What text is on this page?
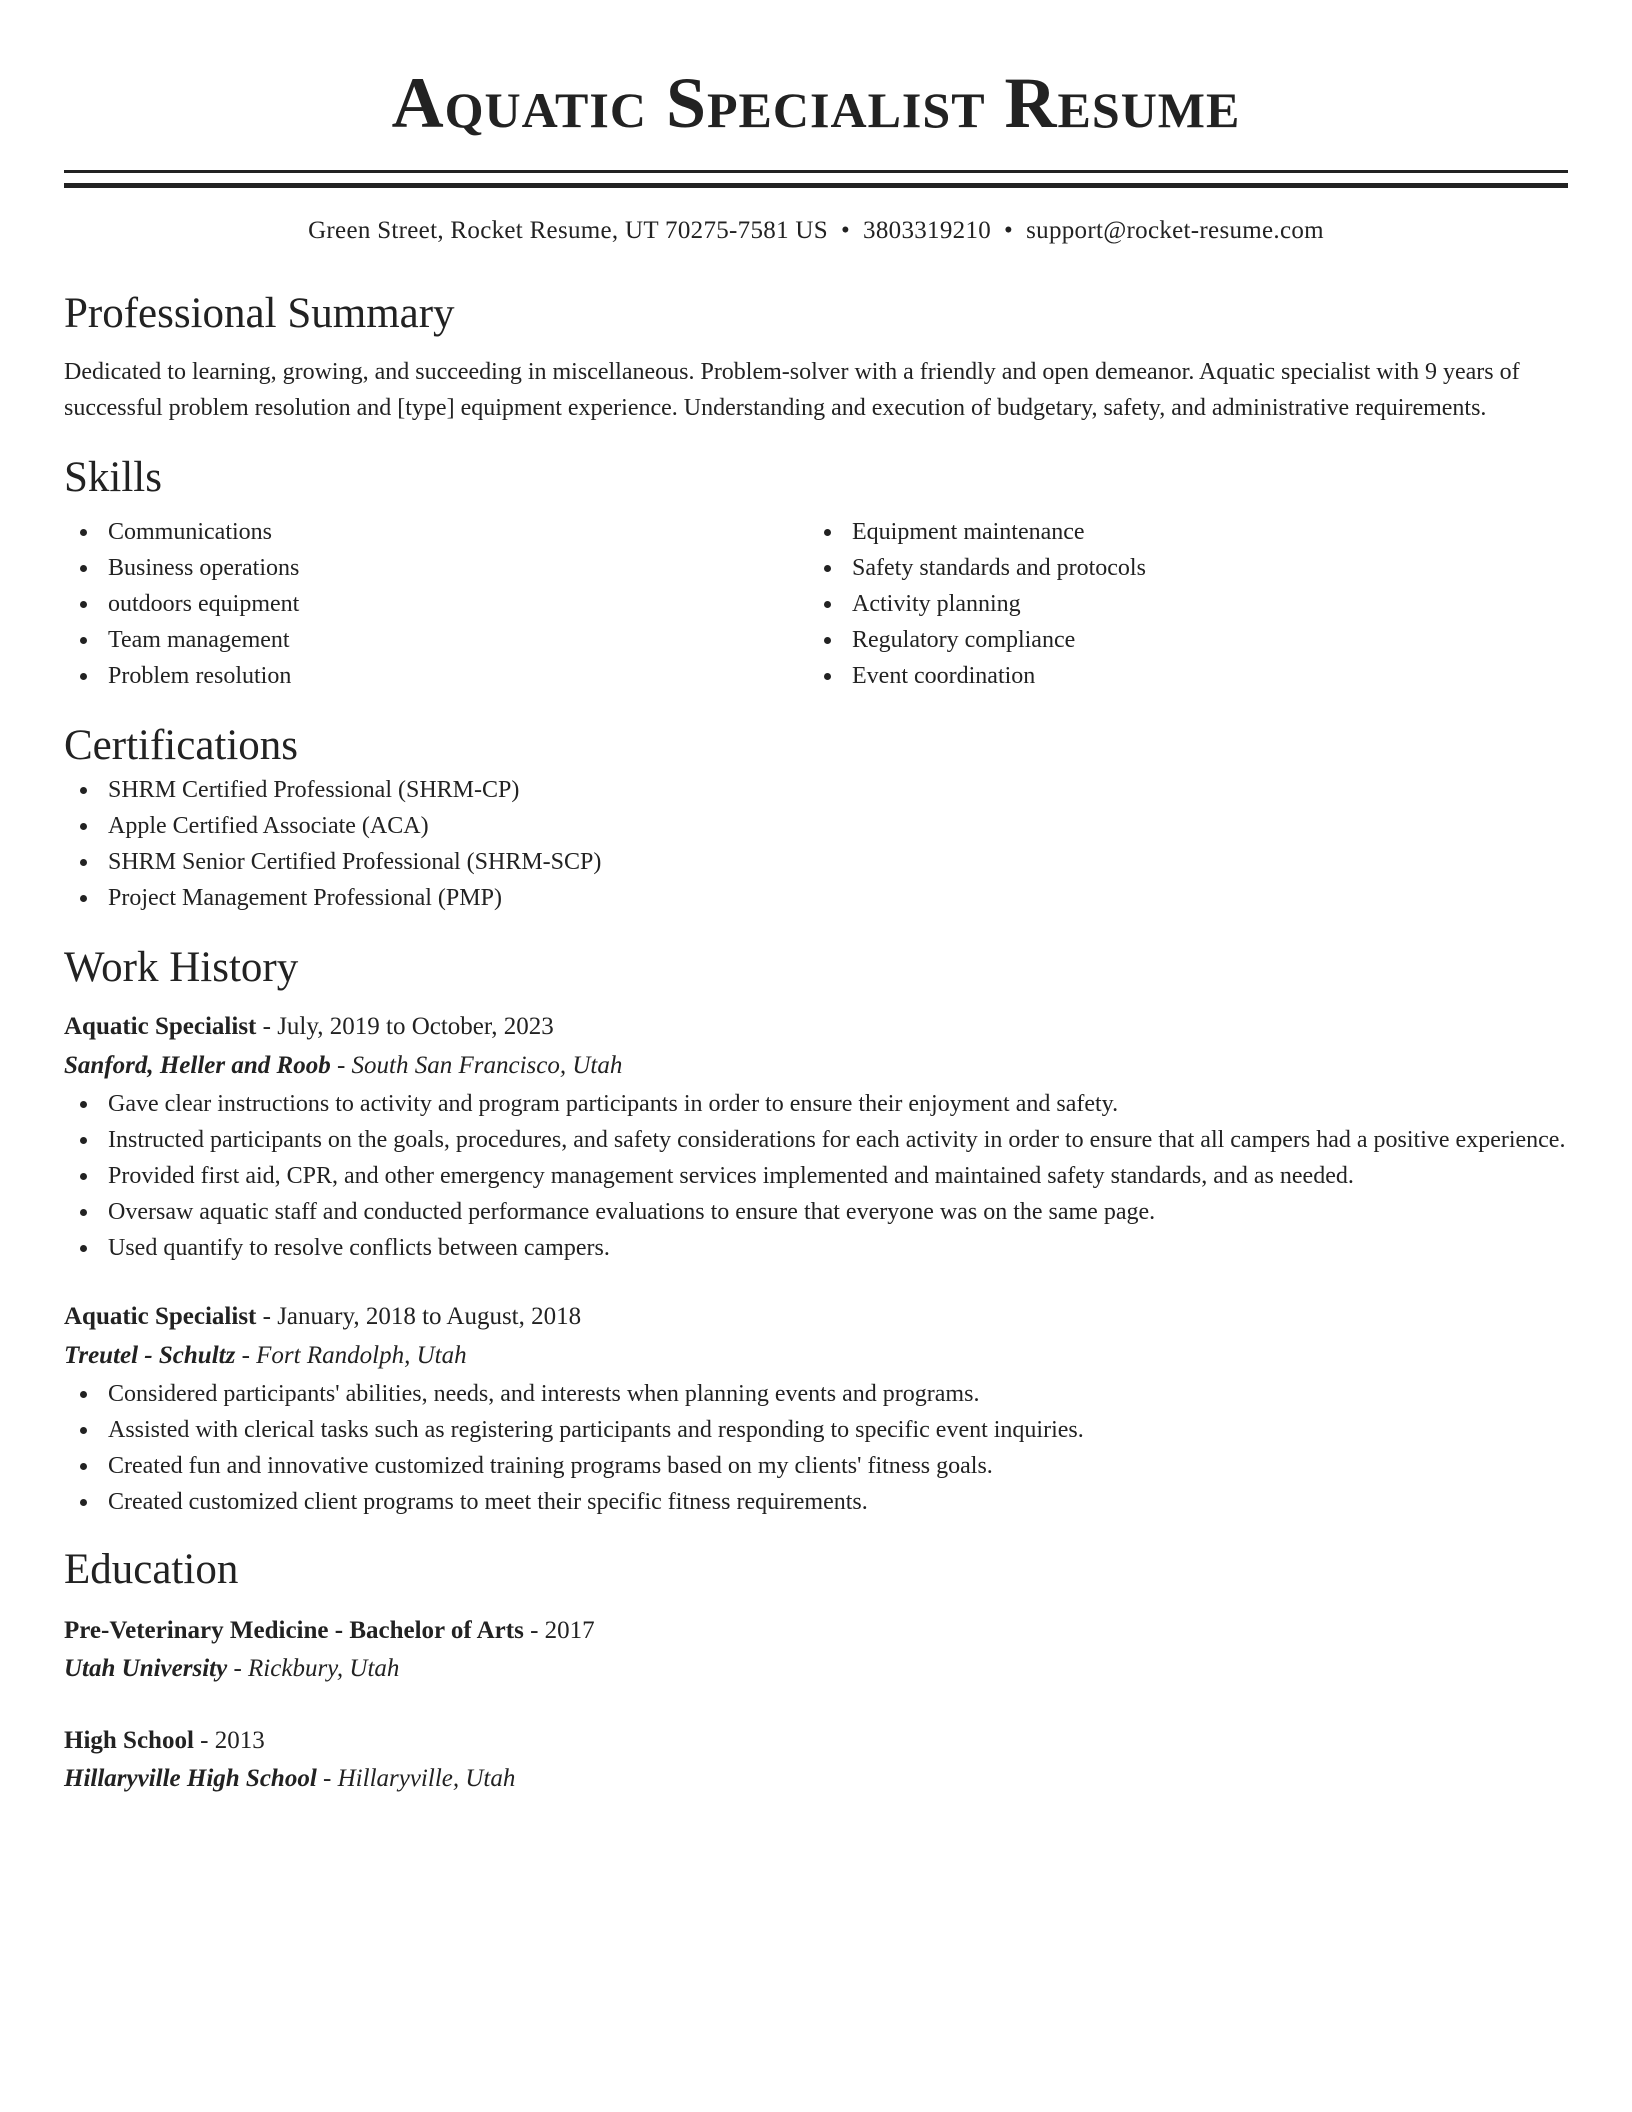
Aquatic Specialist Resume
Green Street, Rocket Resume, UT 70275-7581 US • 3803319210 • support@rocket-resume.com
Professional Summary

Dedicated to learning, growing, and succeeding in miscellaneous. Problem-solver with a friendly and open demeanor. Aquatic specialist with 9 years of successful problem resolution and [type] equipment experience. Understanding and execution of budgetary, safety, and administrative requirements.

Skills
Communications
Business operations
outdoors equipment
Team management
Problem resolution
Equipment maintenance
Safety standards and protocols
Activity planning
Regulatory compliance
Event coordination
Certifications
SHRM Certified Professional (SHRM-CP)
Apple Certified Associate (ACA)
SHRM Senior Certified Professional (SHRM-SCP)
Project Management Professional (PMP)
Work History
Aquatic Specialist - July, 2019 to October, 2023
Sanford, Heller and Roob - South San Francisco, Utah
Gave clear instructions to activity and program participants in order to ensure their enjoyment and safety.
Instructed participants on the goals, procedures, and safety considerations for each activity in order to ensure that all campers had a positive experience.
Provided first aid, CPR, and other emergency management services implemented and maintained safety standards, and as needed.
Oversaw aquatic staff and conducted performance evaluations to ensure that everyone was on the same page.
Used quantify to resolve conflicts between campers.
Aquatic Specialist - January, 2018 to August, 2018
Treutel - Schultz - Fort Randolph, Utah
Considered participants' abilities, needs, and interests when planning events and programs.
Assisted with clerical tasks such as registering participants and responding to specific event inquiries.
Created fun and innovative customized training programs based on my clients' fitness goals.
Created customized client programs to meet their specific fitness requirements.
Education
Pre-Veterinary Medicine - Bachelor of Arts - 2017
Utah University - Rickbury, Utah
High School - 2013
Hillaryville High School - Hillaryville, Utah
